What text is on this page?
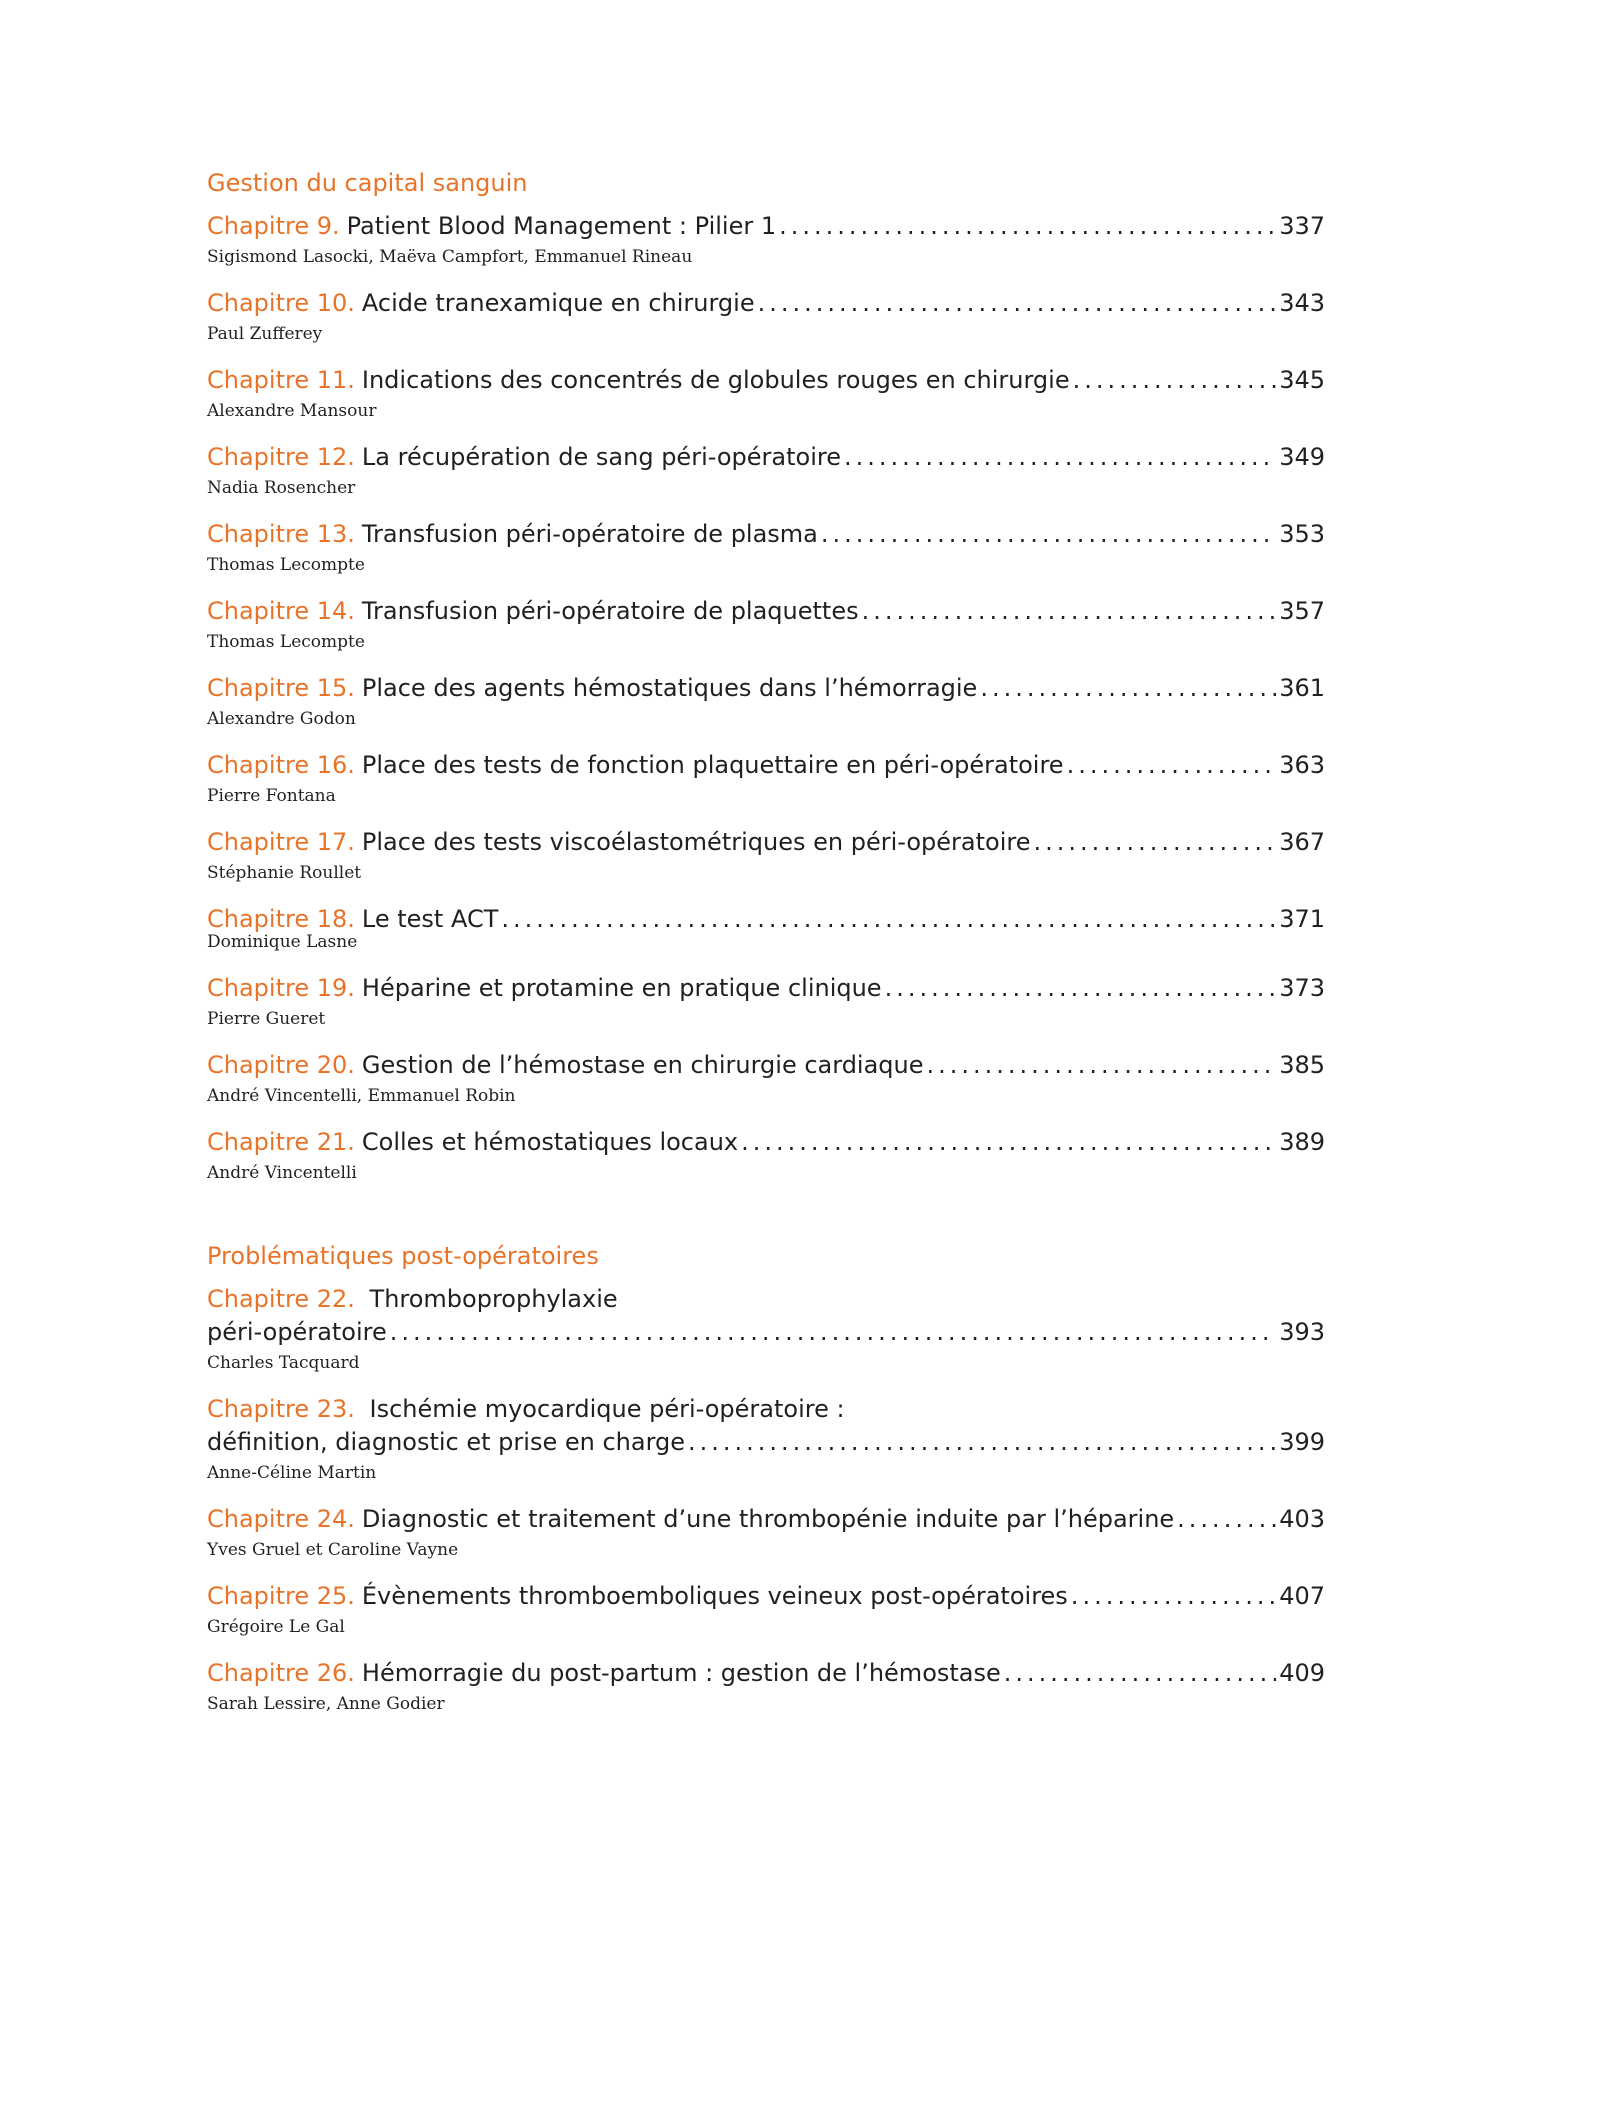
Gestion du capital sanguin
Chapitre 9. Patient Blood Management : Pilier 1 .....	337
Sigismond Lasocki, Maëva Campfort, Emmanuel Rineau
Chapitre 10. Acide tranexamique en chirurgie .....	343
Paul Zufferey
Chapitre 11. Indications des concentrés de globules rouges en chirurgie .....	345
Alexandre Mansour
Chapitre 12. La récupération de sang péri-opératoire .....	349
Nadia Rosencher
Chapitre 13. Transfusion péri-opératoire de plasma .....	353
Thomas Lecompte
Chapitre 14. Transfusion péri-opératoire de plaquettes .....	357
Thomas Lecompte
Chapitre 15. Place des agents hémostatiques dans l’hémorragie .....	361
Alexandre Godon
Chapitre 16. Place des tests de fonction plaquettaire en péri-opératoire .....	363
Pierre Fontana
Chapitre 17. Place des tests viscoélastométriques en péri-opératoire .....	367
Stéphanie Roullet
Chapitre 18. Le test ACT .....	371
Dominique Lasne
Chapitre 19. Héparine et protamine en pratique clinique .....	373
Pierre Gueret
Chapitre 20. Gestion de l’hémostase en chirurgie cardiaque .....	385
André Vincentelli, Emmanuel Robin
Chapitre 21. Colles et hémostatiques locaux .....	389
André Vincentelli
Problématiques post-opératoires
Chapitre 22. Thromboprophylaxie
péri-opératoire .....	393
Charles Tacquard
Chapitre 23. Ischémie myocardique péri-opératoire :
définition, diagnostic et prise en charge .....	399
Anne-Céline Martin
Chapitre 24. Diagnostic et traitement d’une thrombopénie induite par l’héparine .....	403
Yves Gruel et Caroline Vayne
Chapitre 25. Évènements thromboemboliques veineux post-opératoires .....	407
Grégoire Le Gal
Chapitre 26. Hémorragie du post-partum : gestion de l’hémostase .....	409
Sarah Lessire, Anne Godier
